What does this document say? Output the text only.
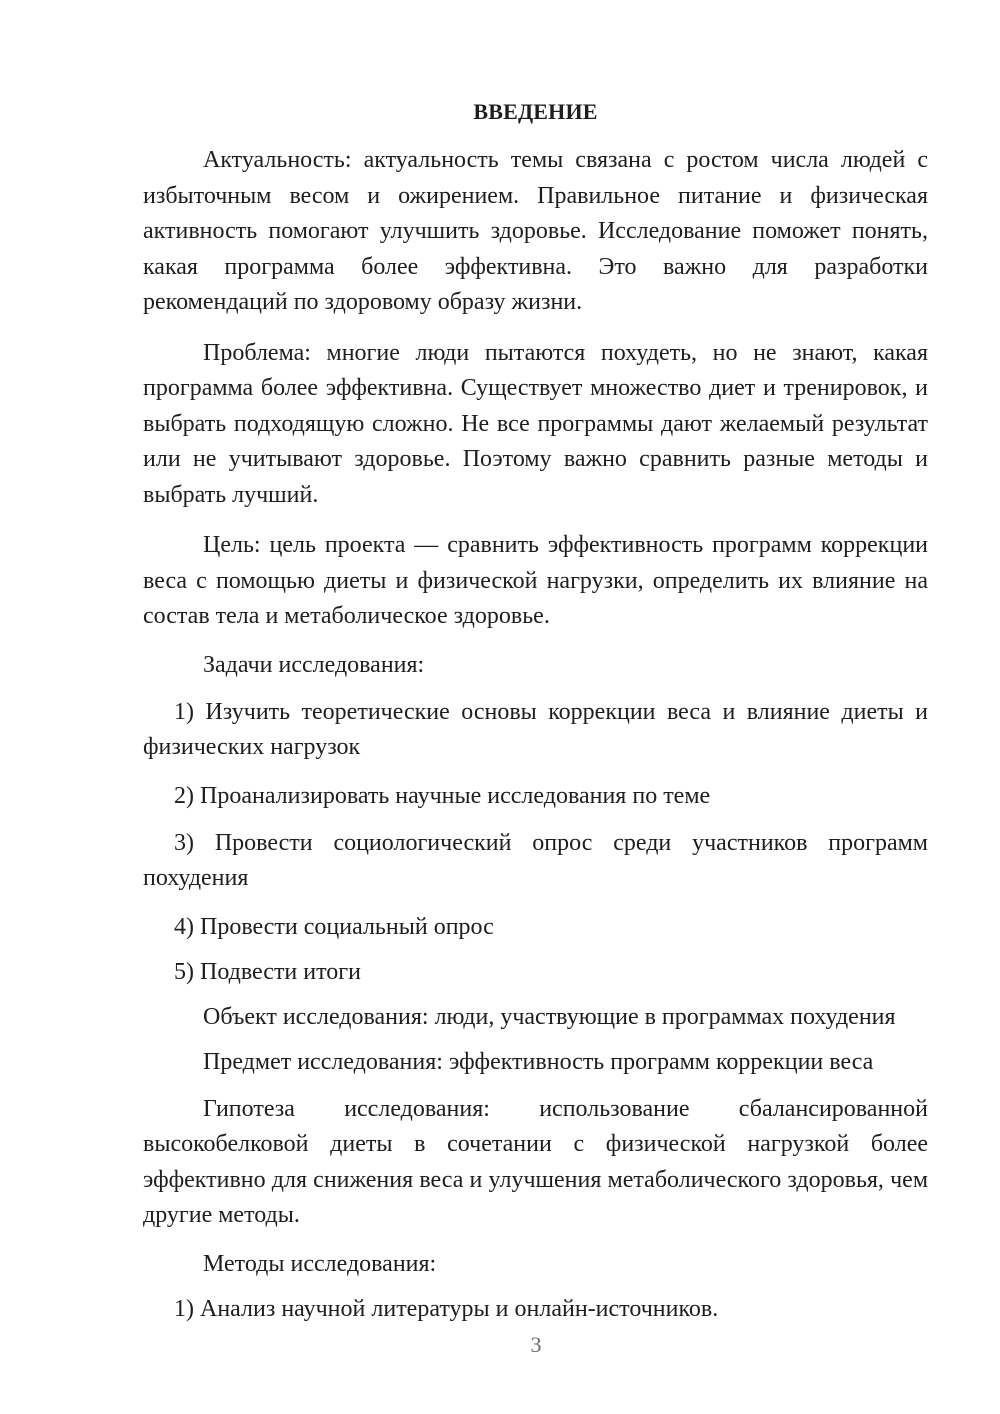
ВВЕДЕНИЕ

Актуальность: актуальность темы связана с ростом числа людей с избыточным весом и ожирением. Правильное питание и физическая активность помогают улучшить здоровье. Исследование поможет понять, какая программа более эффективна. Это важно для разработки рекомендаций по здоровому образу жизни.

Проблема: многие люди пытаются похудеть, но не знают, какая программа более эффективна. Существует множество диет и тренировок, и выбрать подходящую сложно. Не все программы дают желаемый результат или не учитывают здоровье. Поэтому важно сравнить разные методы и выбрать лучший.

Цель: цель проекта — сравнить эффективность программ коррекции веса с помощью диеты и физической нагрузки, определить их влияние на состав тела и метаболическое здоровье.

Задачи исследования:

1) Изучить теоретические основы коррекции веса и влияние диеты и физических нагрузок

2) Проанализировать научные исследования по теме

3) Провести социологический опрос среди участников программ похудения

4) Провести социальный опрос

5) Подвести итоги

Объект исследования: люди, участвующие в программах похудения

Предмет исследования: эффективность программ коррекции веса

Гипотеза исследования: использование сбалансированной высокобелковой диеты в сочетании с физической нагрузкой более эффективно для снижения веса и улучшения метаболического здоровья, чем другие методы.

Методы исследования:

1) Анализ научной литературы и онлайн-источников.

3
